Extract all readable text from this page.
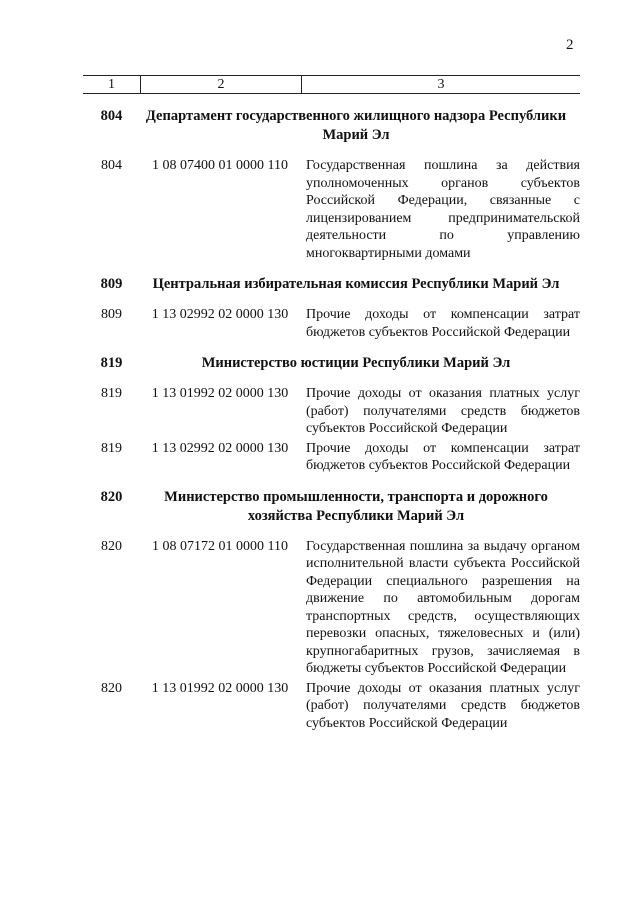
2
1	2	3
804	Департамент государственного жилищного надзора Республики Марий Эл
804	1 08 07400 01 0000 110	Государственная пошлина за действия уполномоченных органов субъектов Российской Федерации, связанные с лицензированием предпринимательской деятельности по управлению многоквартирными домами
809	Центральная избирательная комиссия Республики Марий Эл
809	1 13 02992 02 0000 130	Прочие доходы от компенсации затрат бюджетов субъектов Российской Федерации
819	Министерство юстиции Республики Марий Эл
819	1 13 01992 02 0000 130	Прочие доходы от оказания платных услуг (работ) получателями средств бюджетов субъектов Российской Федерации
819	1 13 02992 02 0000 130	Прочие доходы от компенсации затрат бюджетов субъектов Российской Федерации
820	Министерство промышленности, транспорта и дорожного хозяйства Республики Марий Эл
820	1 08 07172 01 0000 110	Государственная пошлина за выдачу органом исполнительной власти субъекта Российской Федерации специального разрешения на движение по автомобильным дорогам транспортных средств, осуществляющих перевозки опасных, тяжеловесных и (или) крупногабаритных грузов, зачисляемая в бюджеты субъектов Российской Федерации
820	1 13 01992 02 0000 130	Прочие доходы от оказания платных услуг (работ) получателями средств бюджетов субъектов Российской Федерации
